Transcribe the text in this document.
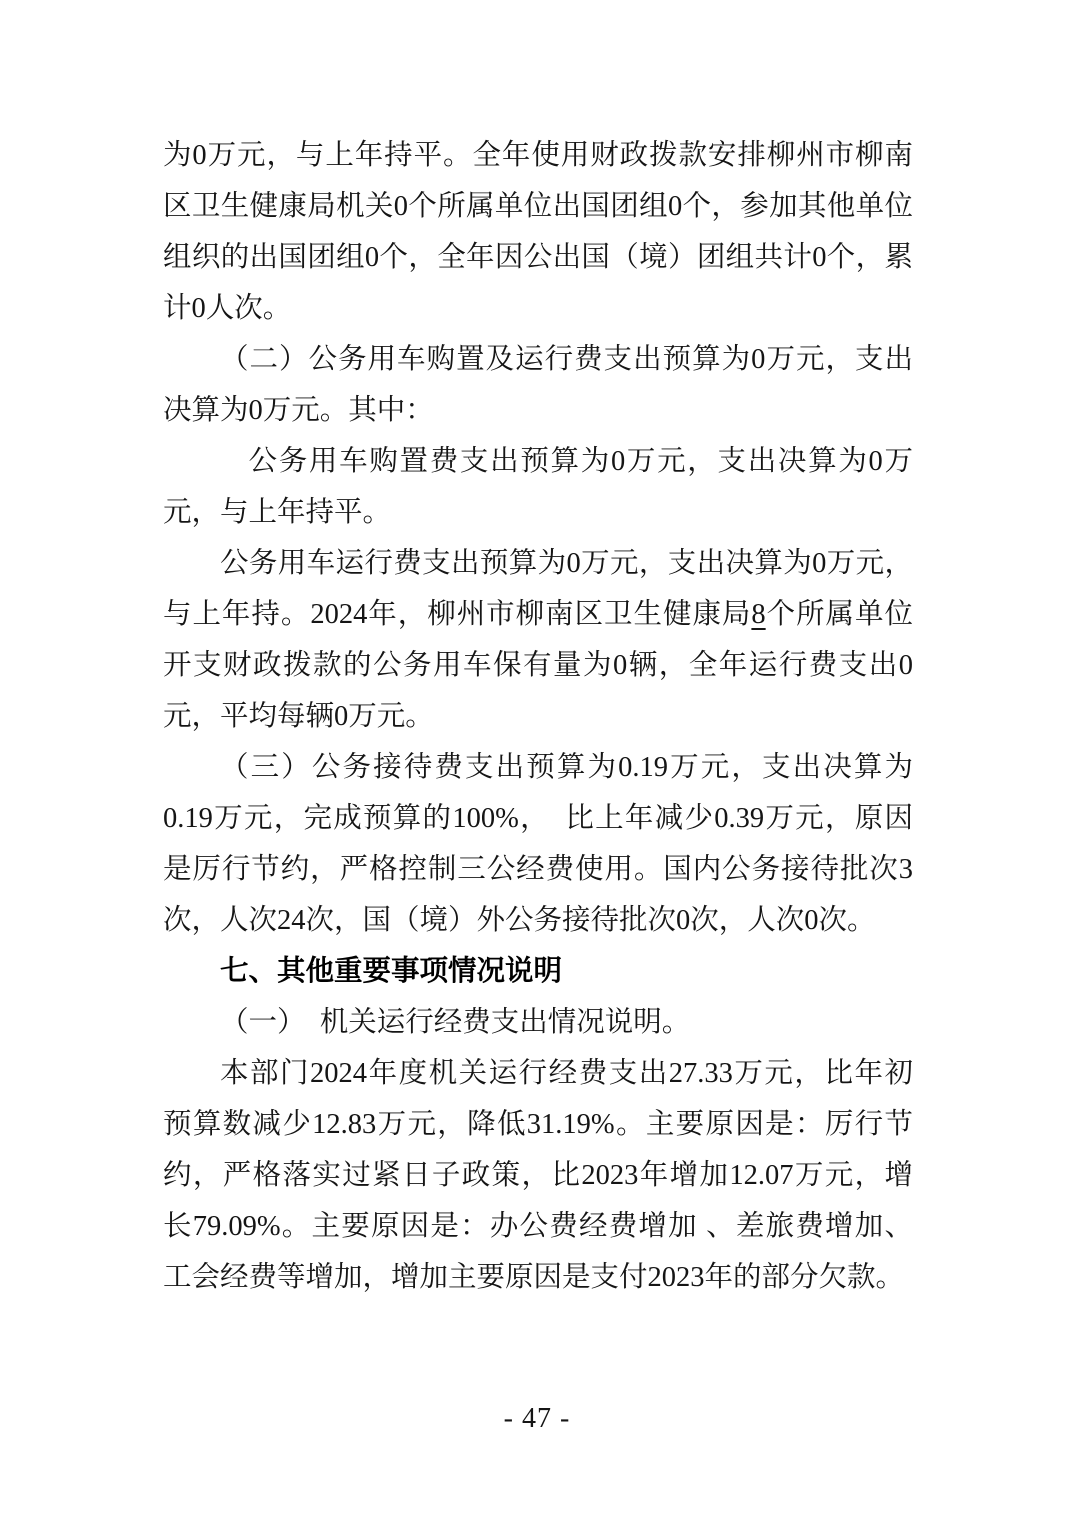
为0万元，与上年持平。全年使用财政拨款安排柳州市柳南
区卫生健康局机关0个所属单位出国团组0个，参加其他单位
组织的出国团组0个，全年因公出国（境）团组共计0个，累
计0人次。
（二）公务用车购置及运行费支出预算为0万元，支出
决算为0万元。其中：
公务用车购置费支出预算为0万元，支出决算为0万
元，与上年持平。
公务用车运行费支出预算为0万元，支出决算为0万元，
与上年持。2024年，柳州市柳南区卫生健康局8个所属单位
开支财政拨款的公务用车保有量为0辆，全年运行费支出0
元，平均每辆0万元。
（三）公务接待费支出预算为0.19万元，支出决算为
0.19万元，完成预算的100%，　比上年减少0.39万元，原因
是厉行节约，严格控制三公经费使用。国内公务接待批次3
次，人次24次，国（境）外公务接待批次0次，人次0次。
七、其他重要事项情况说明
（一）　机关运行经费支出情况说明。
本部门2024年度机关运行经费支出27.33万元，比年初
预算数减少12.83万元，降低31.19%。主要原因是：厉行节
约，严格落实过紧日子政策，比2023年增加12.07万元，增
长79.09%。主要原因是：办公费经费增加 、差旅费增加、
工会经费等增加，增加主要原因是支付2023年的部分欠款。
- 47 -
